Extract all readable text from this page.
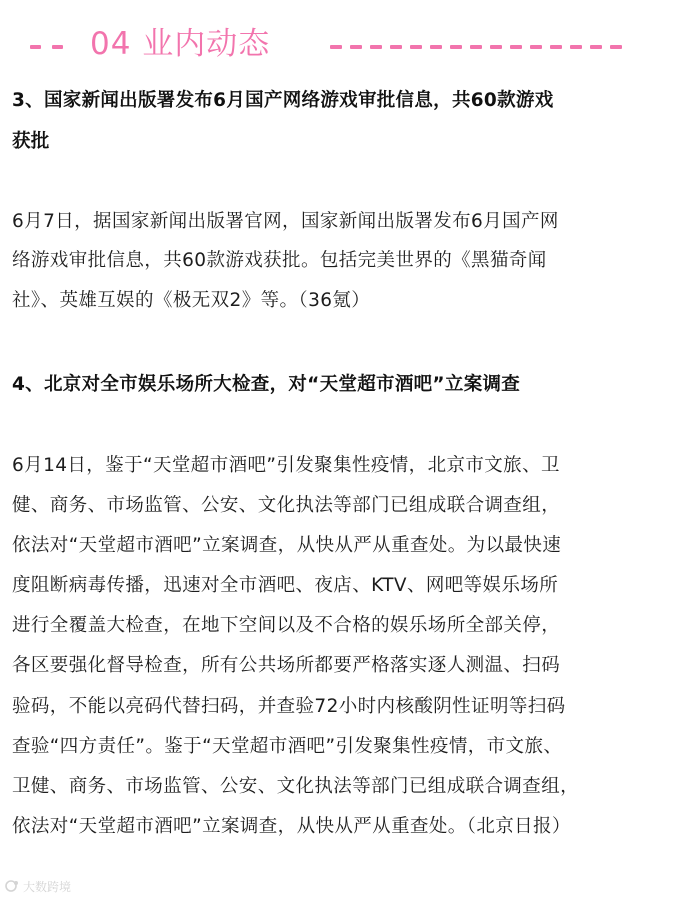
04 业内动态
3、国家新闻出版署发布6月国产网络游戏审批信息，共60款游戏
获批
6月7日，据国家新闻出版署官网，国家新闻出版署发布6月国产网
络游戏审批信息，共60款游戏获批。包括完美世界的《黑猫奇闻
社》、英雄互娱的《极无双2》等。（36氪）
4、北京对全市娱乐场所大检查，对“天堂超市酒吧”立案调查
6月14日，鉴于“天堂超市酒吧”引发聚集性疫情，北京市文旅、卫
健、商务、市场监管、公安、文化执法等部门已组成联合调查组，
依法对“天堂超市酒吧”立案调查，从快从严从重查处。为以最快速
度阻断病毒传播，迅速对全市酒吧、夜店、KTV、网吧等娱乐场所
进行全覆盖大检查，在地下空间以及不合格的娱乐场所全部关停，
各区要强化督导检查，所有公共场所都要严格落实逐人测温、扫码
验码，不能以亮码代替扫码，并查验72小时内核酸阴性证明等扫码
查验“四方责任”。鉴于“天堂超市酒吧”引发聚集性疫情，市文旅、
卫健、商务、市场监管、公安、文化执法等部门已组成联合调查组，
依法对“天堂超市酒吧”立案调查，从快从严从重查处。（北京日报）
大数跨境
